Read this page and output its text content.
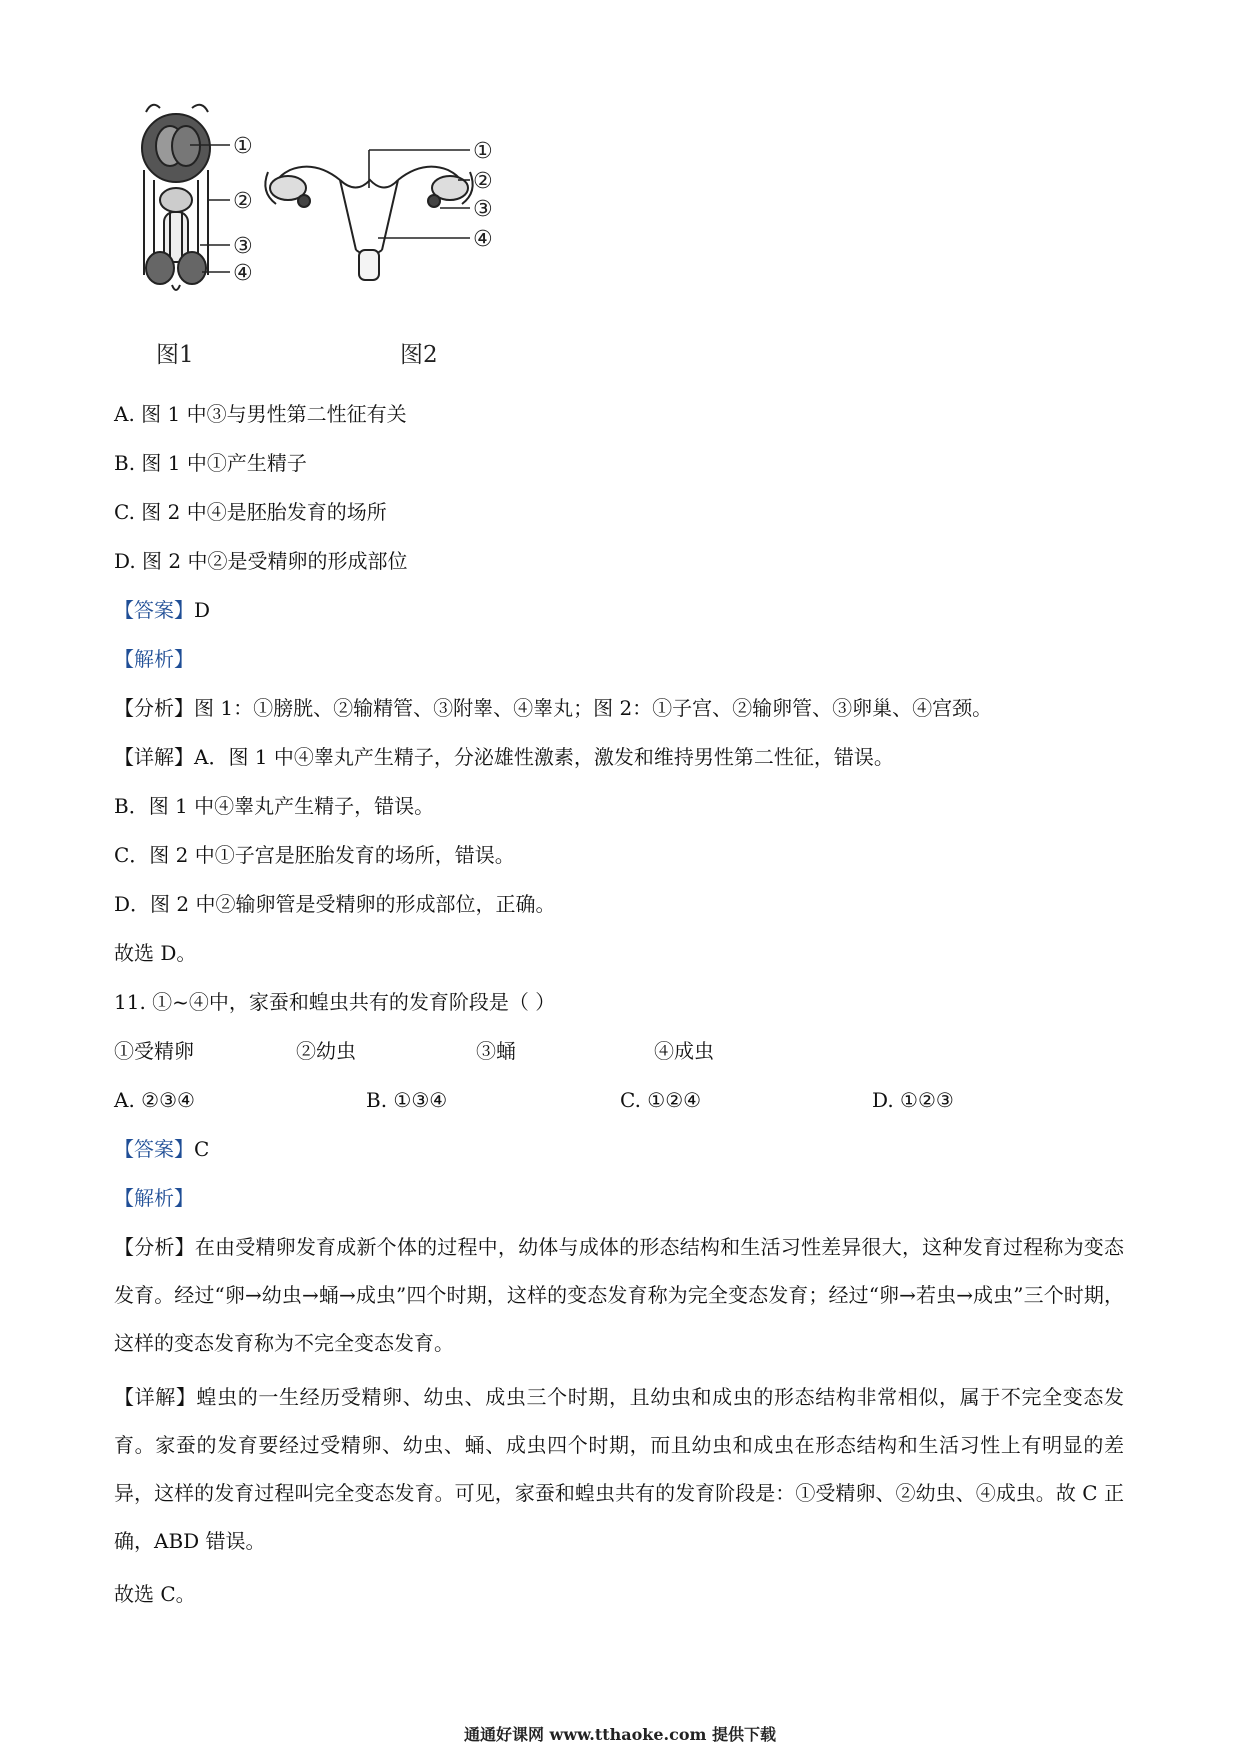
①
②
③
④
①
②
③
④
图1	图2
A. 图 1 中③与男性第二性征有关
B. 图 1 中①产生精子
C. 图 2 中④是胚胎发育的场所
D. 图 2 中②是受精卵的形成部位
【答案】D
【解析】
【分析】图 1：①膀胱、②输精管、③附睾、④睾丸；图 2：①子宫、②输卵管、③卵巢、④宫颈。
【详解】A．图 1 中④睾丸产生精子，分泌雄性激素，激发和维持男性第二性征，错误。
B．图 1 中④睾丸产生精子，错误。
C．图 2 中①子宫是胚胎发育的场所，错误。
D．图 2 中②输卵管是受精卵的形成部位，正确。
故选 D。
11. ①~④中，家蚕和蝗虫共有的发育阶段是（ ）
①受精卵	②幼虫	③蛹	④成虫
A. ②③④	B. ①③④	C. ①②④	D. ①②③
【答案】C
【解析】
【分析】在由受精卵发育成新个体的过程中，幼体与成体的形态结构和生活习性差异很大，这种发育过程称为变态发育。经过“卵→幼虫→蛹→成虫”四个时期，这样的变态发育称为完全变态发育；经过“卵→若虫→成虫”三个时期，这样的变态发育称为不完全变态发育。
【详解】蝗虫的一生经历受精卵、幼虫、成虫三个时期，且幼虫和成虫的形态结构非常相似，属于不完全变态发育。家蚕的发育要经过受精卵、幼虫、蛹、成虫四个时期，而且幼虫和成虫在形态结构和生活习性上有明显的差异，这样的发育过程叫完全变态发育。可见，家蚕和蝗虫共有的发育阶段是：①受精卵、②幼虫、④成虫。故 C 正确，ABD 错误。
故选 C。
通通好课网 www.tthaoke.com 提供下载
